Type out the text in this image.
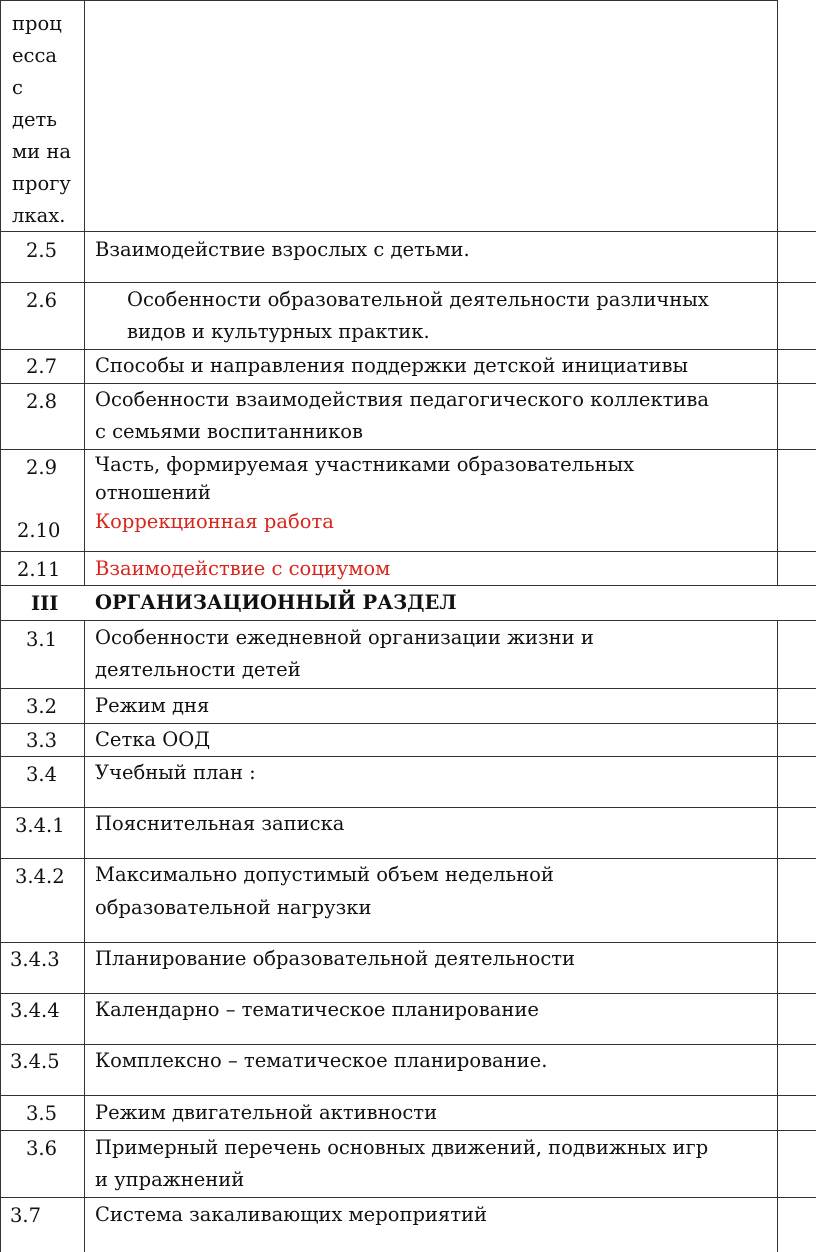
проц
есса
с
деть
ми на
прогу
лках.
2.5 Взаимодействие взрослых с детьми.
2.6	Особенности образовательной деятельности различных
видов и культурных практик.
2.7 Способы и направления поддержки детской инициативы
2.8 Особенности взаимодействия педагогического коллектива
с семьями воспитанников
2.9 Часть, формируемая участниками образовательных
отношений
2.10 Коррекционная работа
2.11 Взаимодействие с социумом
III ОРГАНИЗАЦИОННЫЙ РАЗДЕЛ
3.1 Особенности ежедневной организации жизни и
деятельности детей
3.2 Режим дня
3.3 Сетка ООД
3.4 Учебный план :
3.4.1 Пояснительная записка
3.4.2 Максимально допустимый объем недельной
образовательной нагрузки
3.4.3 Планирование образовательной деятельности
3.4.4 Календарно – тематическое планирование
3.4.5 Комплексно – тематическое планирование.
3.5 Режим двигательной активности
3.6 Примерный перечень основных движений, подвижных игр
и упражнений
3.7	Система закаливающих мероприятий
